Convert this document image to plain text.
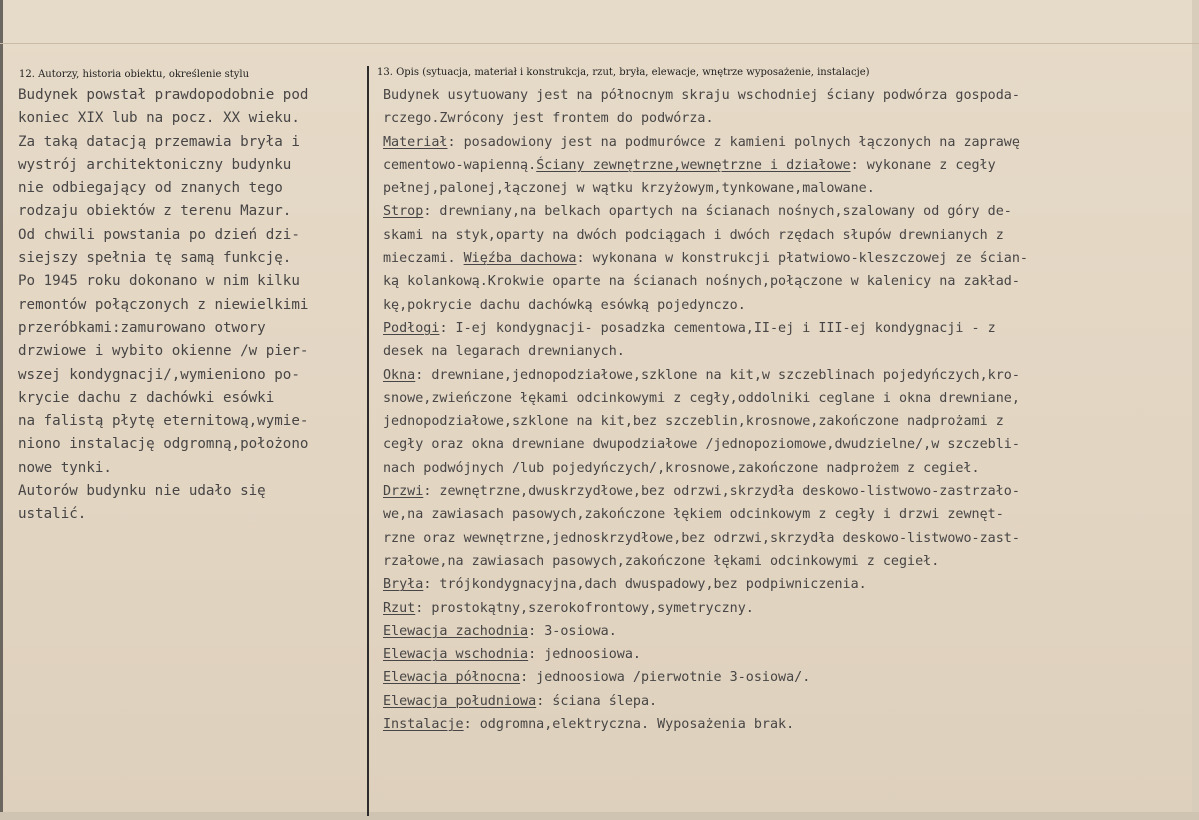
12. Autorzy, historia obiektu, określenie stylu	13. Opis (sytuacja, materiał i konstrukcja, rzut, bryła, elewacje, wnętrze wyposażenie, instalacje)
Budynek powstał prawdopodobnie pod
koniec XIX lub na pocz. XX wieku.
Za taką datacją przemawia bryła i
wystrój architektoniczny budynku
nie odbiegający od znanych tego
rodzaju obiektów z terenu Mazur.
Od chwili powstania po dzień dzi-
siejszy spełnia tę samą funkcję.
Po 1945 roku dokonano w nim kilku
remontów połączonych z niewielkimi
przeróbkami:zamurowano otwory
drzwiowe i wybito okienne /w pier-
wszej kondygnacji/,wymieniono po-
krycie dachu z dachówki esówki
na falistą płytę eternitową,wymie-
niono instalację odgromną,położono
nowe tynki.
Autorów budynku nie udało się
ustalić.
Budynek usytuowany jest na północnym skraju wschodniej ściany podwórza gospoda-
rczego.Zwrócony jest frontem do podwórza.
Materiał: posadowiony jest na podmurówce z kamieni polnych łączonych na zaprawę
cementowo-wapienną.Ściany zewnętrzne,wewnętrzne i działowe: wykonane z cegły
pełnej,palonej,łączonej w wątku krzyżowym,tynkowane,malowane.
Strop: drewniany,na belkach opartych na ścianach nośnych,szalowany od góry de-
skami na styk,oparty na dwóch podciągach i dwóch rzędach słupów drewnianych z
mieczami. Więźba dachowa: wykonana w konstrukcji płatwiowo-kleszczowej ze ścian-
ką kolankową.Krokwie oparte na ścianach nośnych,połączone w kalenicy na zakład-
kę,pokrycie dachu dachówką esówką pojedynczo.
Podłogi: I-ej kondygnacji- posadzka cementowa,II-ej i III-ej kondygnacji - z
desek na legarach drewnianych.
Okna: drewniane,jednopodziałowe,szklone na kit,w szczeblinach pojedyńczych,kro-
snowe,zwieńczone łękami odcinkowymi z cegły,oddolniki ceglane i okna drewniane,
jednopodziałowe,szklone na kit,bez szczeblin,krosnowe,zakończone nadprożami z
cegły oraz okna drewniane dwupodziałowe /jednopoziomowe,dwudzielne/,w szczebli-
nach podwójnych /lub pojedyńczych/,krosnowe,zakończone nadprożem z cegieł.
Drzwi: zewnętrzne,dwuskrzydłowe,bez odrzwi,skrzydła deskowo-listwowo-zastrzało-
we,na zawiasach pasowych,zakończone łękiem odcinkowym z cegły i drzwi zewnęt-
rzne oraz wewnętrzne,jednoskrzydłowe,bez odrzwi,skrzydła deskowo-listwowo-zast-
rzałowe,na zawiasach pasowych,zakończone łękami odcinkowymi z cegieł.
Bryła: trójkondygnacyjna,dach dwuspadowy,bez podpiwniczenia.
Rzut: prostokątny,szerokofrontowy,symetryczny.
Elewacja zachodnia: 3-osiowa.
Elewacja wschodnia: jednoosiowa.
Elewacja północna: jednoosiowa /pierwotnie 3-osiowa/.
Elewacja południowa: ściana ślepa.
Instalacje: odgromna,elektryczna. Wyposażenia brak.
